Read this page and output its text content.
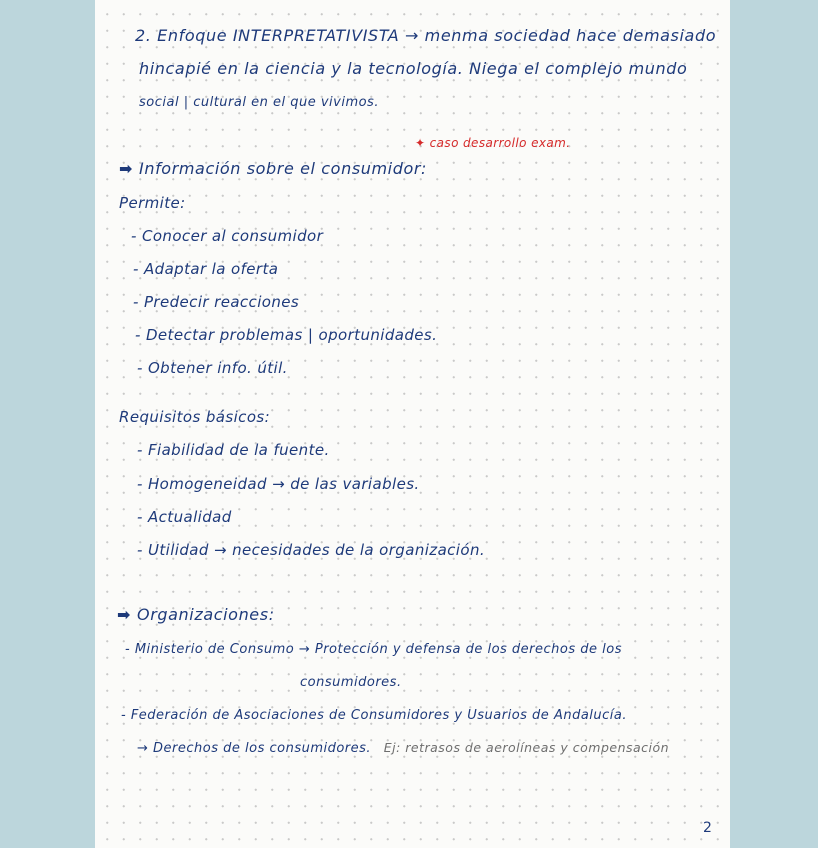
2. Enfoque INTERPRETATIVISTA → menma sociedad hace demasiado
hincapié en la ciencia y la tecnología. Niega el complejo mundo
social | cultural en el que vivimos.
✦ caso desarrollo exam.
➡ Información sobre el consumidor:
Permite:
- Conocer al consumidor
- Adaptar la oferta
- Predecir reacciones
- Detectar problemas | oportunidades.
- Obtener info. útil.
Requisitos básicos:
- Fiabilidad de la fuente.
- Homogeneidad → de las variables.
- Actualidad
- Utilidad → necesidades de la organización.
➡ Organizaciones:
- Ministerio de Consumo → Protección y defensa de los derechos de los
consumidores.
- Federación de Asociaciones de Consumidores y Usuarios de Andalucía.
→ Derechos de los consumidores. Ej: retrasos de aerolíneas y compensación
2
